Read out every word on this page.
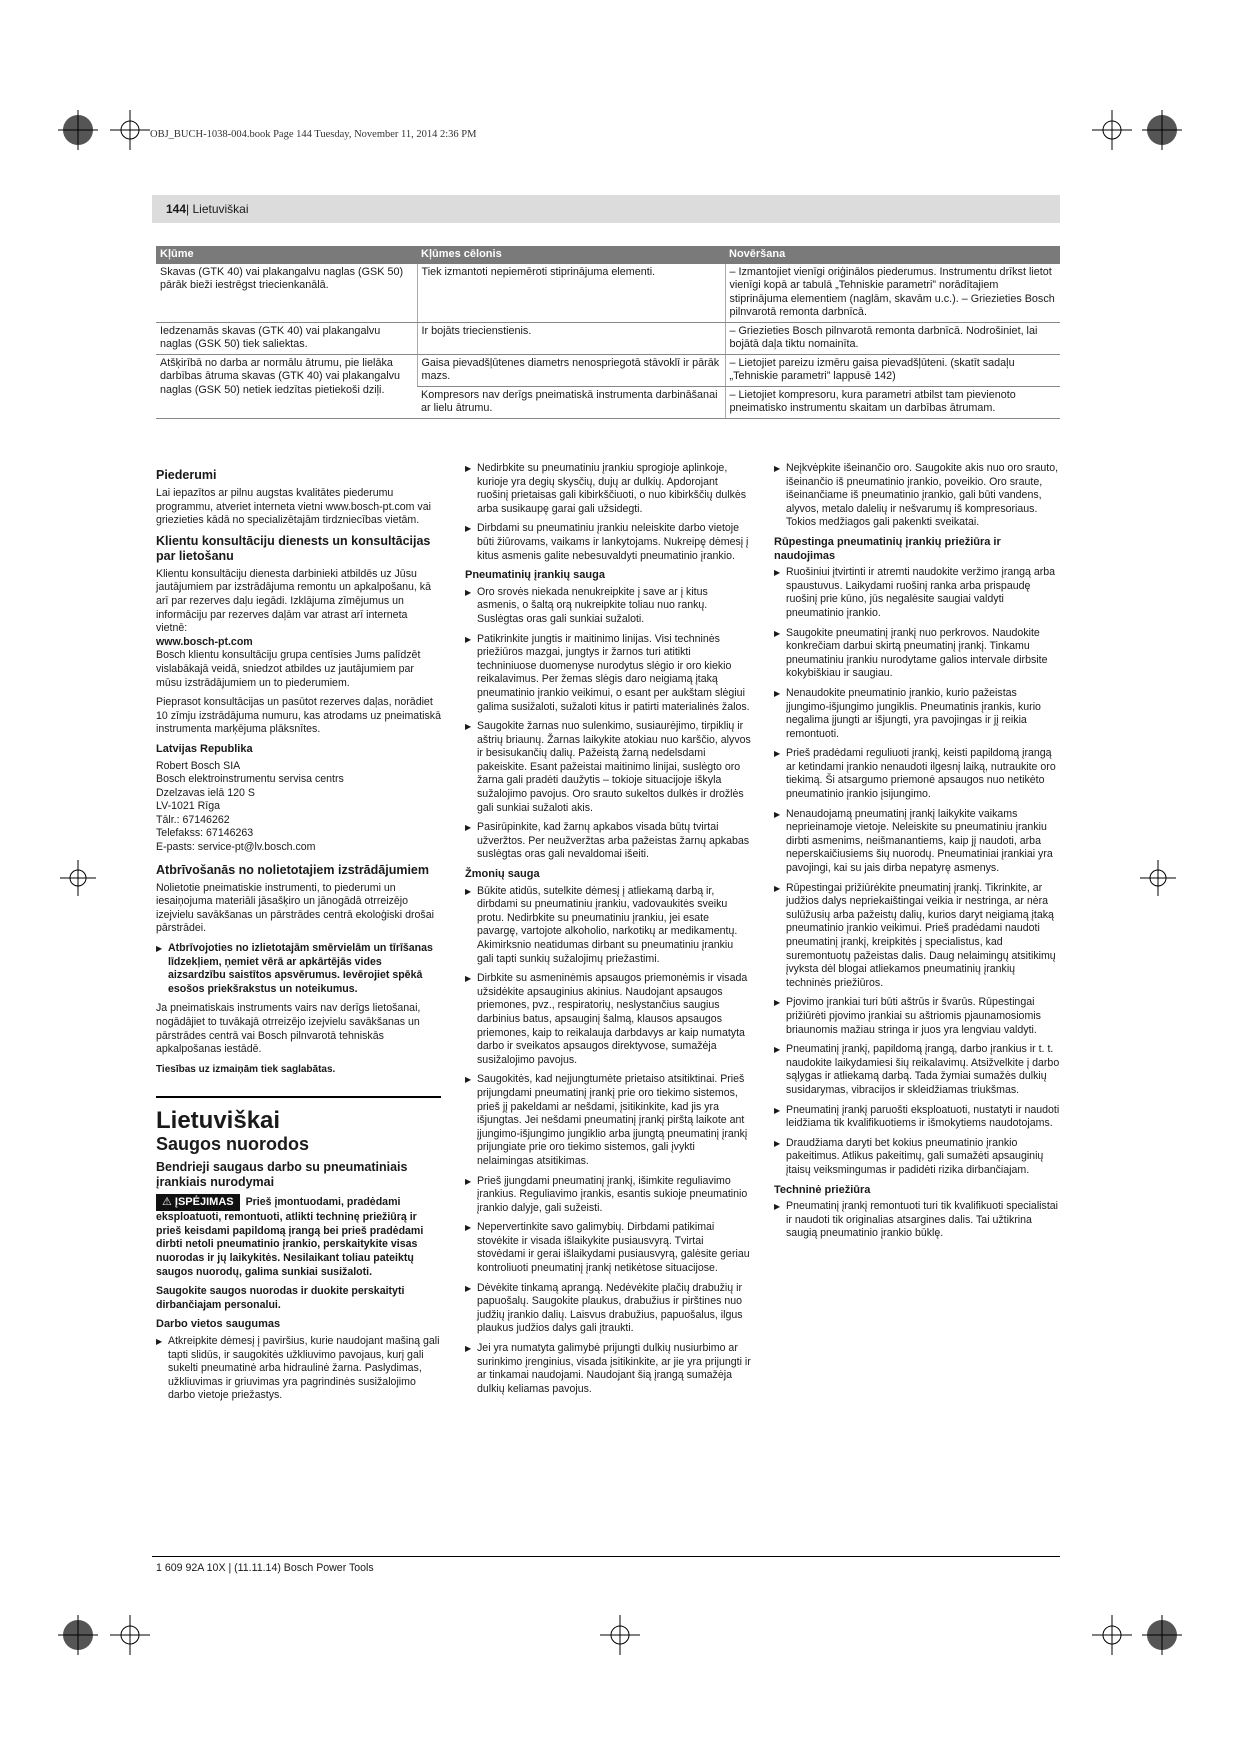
OBJ_BUCH-1038-004.book Page 144 Tuesday, November 11, 2014 2:36 PM
144| Lietuviškai
Kļūme	Kļūmes cēlonis	Novēršana
Skavas (GTK 40) vai plakangalvu naglas (GSK 50) pārāk bieži iestrēgst triecienkanālā.	Tiek izmantoti nepiemēroti stiprinājuma elementi.	– Izmantojiet vienīgi oriģinālos piederumus. Instrumentu drīkst lietot vienīgi kopā ar tabulā „Tehniskie parametri” norādītajiem stiprinājuma elementiem (naglām, skavām u.c.). – Griezieties Bosch pilnvarotā remonta darbnīcā.
Iedzenamās skavas (GTK 40) vai plakangalvu naglas (GSK 50) tiek saliektas.	Ir bojāts triecienstienis.	– Griezieties Bosch pilnvarotā remonta darbnīcā. Nodrošiniet, lai bojātā daļa tiktu nomainīta.
Atšķirībā no darba ar normālu ātrumu, pie lielāka darbības ātruma skavas (GTK 40) vai plakangalvu naglas (GSK 50) netiek iedzītas pietiekoši dziļi.	Gaisa pievadšļūtenes diametrs nenospriegotā stāvoklī ir pārāk mazs.	– Lietojiet pareizu izmēru gaisa pievadšļūteni. (skatīt sadaļu „Tehniskie parametri” lappusē 142)
	Kompresors nav derīgs pneimatiskā instrumenta darbināšanai ar lielu ātrumu.	– Lietojiet kompresoru, kura parametri atbilst tam pievienoto pneimatisko instrumentu skaitam un darbības ātrumam.
Piederumi

Lai iepazītos ar pilnu augstas kvalitātes piederumu programmu, atveriet interneta vietni www.bosch-pt.com vai griezieties kādā no specializētajām tirdzniecības vietām.

Klientu konsultāciju dienests un konsultācijas par lietošanu

Klientu konsultāciju dienesta darbinieki atbildēs uz Jūsu jautājumiem par izstrādājuma remontu un apkalpošanu, kā arī par rezerves daļu iegādi. Izklājuma zīmējumus un informāciju par rezerves daļām var atrast arī interneta vietnē:

www.bosch-pt.com

Bosch klientu konsultāciju grupa centīsies Jums palīdzēt vislabākajā veidā, sniedzot atbildes uz jautājumiem par mūsu izstrādājumiem un to piederumiem.

Pieprasot konsultācijas un pasūtot rezerves daļas, norādiet 10 zīmju izstrādājuma numuru, kas atrodams uz pneimatiskā instrumenta marķējuma plāksnītes.

Latvijas Republika
Robert Bosch SIA
Bosch elektroinstrumentu servisa centrs
Dzelzavas ielā 120 S
LV-1021 Rīga
Tālr.: 67146262
Telefakss: 67146263
E-pasts: service-pt@lv.bosch.com
Atbrīvošanās no nolietotajiem izstrādājumiem

Nolietotie pneimatiskie instrumenti, to piederumi un iesaiņojuma materiāli jāsašķiro un jānogādā otrreizējo izejvielu savākšanas un pārstrādes centrā ekoloģiski drošai pārstrādei.

▶ Atbrīvojoties no izlietotajām smērvielām un tīrīšanas līdzekļiem, ņemiet vērā ar apkārtējās vides aizsardzību saistītos apsvērumus. Ievērojiet spēkā esošos priekšrakstus un noteikumus.

Ja pneimatiskais instruments vairs nav derīgs lietošanai, nogādājiet to tuvākajā otrreizējo izejvielu savākšanas un pārstrādes centrā vai Bosch pilnvarotā tehniskās apkalpošanas iestādē.

Tiesības uz izmaiņām tiek saglabātas.

Lietuviškai
Saugos nuorodos
Bendrieji saugaus darbo su pneumatiniais įrankiais nurodymai

⚠ ĮSPĖJIMAS Prieš įmontuodami, pradėdami eksploatuoti, remontuoti, atlikti techninę priežiūrą ir prieš keisdami papildomą įrangą bei prieš pradėdami dirbti netoli pneumatinio įrankio, perskaitykite visas nuorodas ir jų laikykitės. Nesilaikant toliau pateiktų saugos nuorodų, galima sunkiai susižaloti.

Saugokite saugos nuorodas ir duokite perskaityti dirbančiajam personalui.

Darbo vietos saugumas

▶ Atkreipkite dėmesį į paviršius, kurie naudojant mašiną gali tapti slidūs, ir saugokitės užkliuvimo pavojaus, kurį gali sukelti pneumatinė arba hidraulinė žarna. Paslydimas, užkliuvimas ir griuvimas yra pagrindinės susižalojimo darbo vietoje priežastys.

▶ Nedirbkite su pneumatiniu įrankiu sprogioje aplinkoje, kurioje yra degių skysčių, dujų ar dulkių. Apdorojant ruošinį prietaisas gali kibirkščiuoti, o nuo kibirkščių dulkės arba susikaupę garai gali užsidegti.

▶ Dirbdami su pneumatiniu įrankiu neleiskite darbo vietoje būti žiūrovams, vaikams ir lankytojams. Nukreipę dėmesį į kitus asmenis galite nebesuvaldyti pneumatinio įrankio.

Pneumatinių įrankių sauga

▶ Oro srovės niekada nenukreipkite į save ar į kitus asmenis, o šaltą orą nukreipkite toliau nuo rankų. Suslėgtas oras gali sunkiai sužaloti.

▶ Patikrinkite jungtis ir maitinimo linijas. Visi techninės priežiūros mazgai, jungtys ir žarnos turi atitikti techniniuose duomenyse nurodytus slėgio ir oro kiekio reikalavimus. Per žemas slėgis daro neigiamą įtaką pneumatinio įrankio veikimui, o esant per aukštam slėgiui galima susižaloti, sužaloti kitus ir patirti materialinės žalos.

▶ Saugokite žarnas nuo sulenkimo, susiaurėjimo, tirpiklių ir aštrių briaunų. Žarnas laikykite atokiau nuo karščio, alyvos ir besisukančių dalių. Pažeistą žarną nedelsdami pakeiskite. Esant pažeistai maitinimo linijai, suslėgto oro žarna gali pradėti daužytis – tokioje situacijoje iškyla sužalojimo pavojus. Oro srauto sukeltos dulkės ir drožlės gali sunkiai sužaloti akis.

▶ Pasirūpinkite, kad žarnų apkabos visada būtų tvirtai užveržtos. Per neužveržtas arba pažeistas žarnų apkabas suslėgtas oras gali nevaldomai išeiti.

Žmonių sauga

▶ Būkite atidūs, sutelkite dėmesį į atliekamą darbą ir, dirbdami su pneumatiniu įrankiu, vadovaukitės sveiku protu. Nedirbkite su pneumatiniu įrankiu, jei esate pavargę, vartojote alkoholio, narkotikų ar medikamentų. Akimirksnio neatidumas dirbant su pneumatiniu įrankiu gali tapti sunkių sužalojimų priežastimi.

▶ Dirbkite su asmeninėmis apsaugos priemonėmis ir visada užsidėkite apsauginius akinius. Naudojant apsaugos priemones, pvz., respiratorių, neslystančius saugius darbinius batus, apsauginį šalmą, klausos apsaugos priemones, kaip to reikalauja darbdavys ar kaip numatyta darbo ir sveikatos apsaugos direktyvose, sumažėja susižalojimo pavojus.

▶ Saugokitės, kad neįjungtumėte prietaiso atsitiktinai. Prieš prijungdami pneumatinį įrankį prie oro tiekimo sistemos, prieš jį pakeldami ar nešdami, įsitikinkite, kad jis yra išjungtas. Jei nešdami pneumatinį įrankį pirštą laikote ant įjungimo-išjungimo jungiklio arba įjungtą pneumatinį įrankį prijungiate prie oro tiekimo sistemos, gali įvykti nelaimingas atsitikimas.

▶ Prieš įjungdami pneumatinį įrankį, išimkite reguliavimo įrankius. Reguliavimo įrankis, esantis sukioje pneumatinio įrankio dalyje, gali sužeisti.

▶ Nepervertinkite savo galimybių. Dirbdami patikimai stovėkite ir visada išlaikykite pusiausvyrą. Tvirtai stovėdami ir gerai išlaikydami pusiausvyrą, galėsite geriau kontroliuoti pneumatinį įrankį netikėtose situacijose.

▶ Dėvėkite tinkamą aprangą. Nedėvėkite plačių drabužių ir papuošalų. Saugokite plaukus, drabužius ir pirštines nuo judžių įrankio dalių. Laisvus drabužius, papuošalus, ilgus plaukus judžios dalys gali įtraukti.

▶ Jei yra numatyta galimybė prijungti dulkių nusiurbimo ar surinkimo įrenginius, visada įsitikinkite, ar jie yra prijungti ir ar tinkamai naudojami. Naudojant šią įrangą sumažėja dulkių keliamas pavojus.

▶ Neįkvėpkite išeinančio oro. Saugokite akis nuo oro srauto, išeinančio iš pneumatinio įrankio, poveikio. Oro sraute, išeinančiame iš pneumatinio įrankio, gali būti vandens, alyvos, metalo dalelių ir nešvarumų iš kompresoriaus. Tokios medžiagos gali pakenkti sveikatai.

Rūpestinga pneumatinių įrankių priežiūra ir naudojimas

▶ Ruošiniui įtvirtinti ir atremti naudokite veržimo įrangą arba spaustuvus. Laikydami ruošinį ranka arba prispaudę ruošinį prie kūno, jūs negalėsite saugiai valdyti pneumatinio įrankio.

▶ Saugokite pneumatinį įrankį nuo perkrovos. Naudokite konkrečiam darbui skirtą pneumatinį įrankį. Tinkamu pneumatiniu įrankiu nurodytame galios intervale dirbsite kokybiškiau ir saugiau.

▶ Nenaudokite pneumatinio įrankio, kurio pažeistas įjungimo-išjungimo jungiklis. Pneumatinis įrankis, kurio negalima įjungti ar išjungti, yra pavojingas ir jį reikia remontuoti.

▶ Prieš pradėdami reguliuoti įrankį, keisti papildomą įrangą ar ketindami įrankio nenaudoti ilgesnį laiką, nutraukite oro tiekimą. Ši atsargumo priemonė apsaugos nuo netikėto pneumatinio įrankio įsijungimo.

▶ Nenaudojamą pneumatinį įrankį laikykite vaikams neprieinamoje vietoje. Neleiskite su pneumatiniu įrankiu dirbti asmenims, neišmanantiems, kaip jį naudoti, arba neperskaičiusiems šių nuorodų. Pneumatiniai įrankiai yra pavojingi, kai su jais dirba nepatyrę asmenys.

▶ Rūpestingai prižiūrėkite pneumatinį įrankį. Tikrinkite, ar judžios dalys nepriekaištingai veikia ir nestringa, ar nėra sulūžusių arba pažeistų dalių, kurios daryt neigiamą įtaką pneumatinio įrankio veikimui. Prieš pradėdami naudoti pneumatinį įrankį, kreipkitės į specialistus, kad suremontuotų pažeistas dalis. Daug nelaimingų atsitikimų įvyksta dėl blogai atliekamos pneumatinių įrankių techninės priežiūros.

▶ Pjovimo įrankiai turi būti aštrūs ir švarūs. Rūpestingai prižiūrėti pjovimo įrankiai su aštriomis pjaunamosiomis briaunomis mažiau stringa ir juos yra lengviau valdyti.

▶ Pneumatinį įrankį, papildomą įrangą, darbo įrankius ir t. t. naudokite laikydamiesi šių reikalavimų. Atsižvelkite į darbo sąlygas ir atliekamą darbą. Tada žymiai sumažės dulkių susidarymas, vibracijos ir skleidžiamas triukšmas.

▶ Pneumatinį įrankį paruošti eksploatuoti, nustatyti ir naudoti leidžiama tik kvalifikuotiems ir išmokytiems naudotojams.

▶ Draudžiama daryti bet kokius pneumatinio įrankio pakeitimus. Atlikus pakeitimų, gali sumažėti apsauginių įtaisų veiksmingumas ir padidėti rizika dirbančiajam.

Techninė priežiūra

▶ Pneumatinį įrankį remontuoti turi tik kvalifikuoti specialistai ir naudoti tik originalias atsargines dalis. Tai užtikrina saugią pneumatinio įrankio būklę.

1 609 92A 10X | (11.11.14) Bosch Power Tools
